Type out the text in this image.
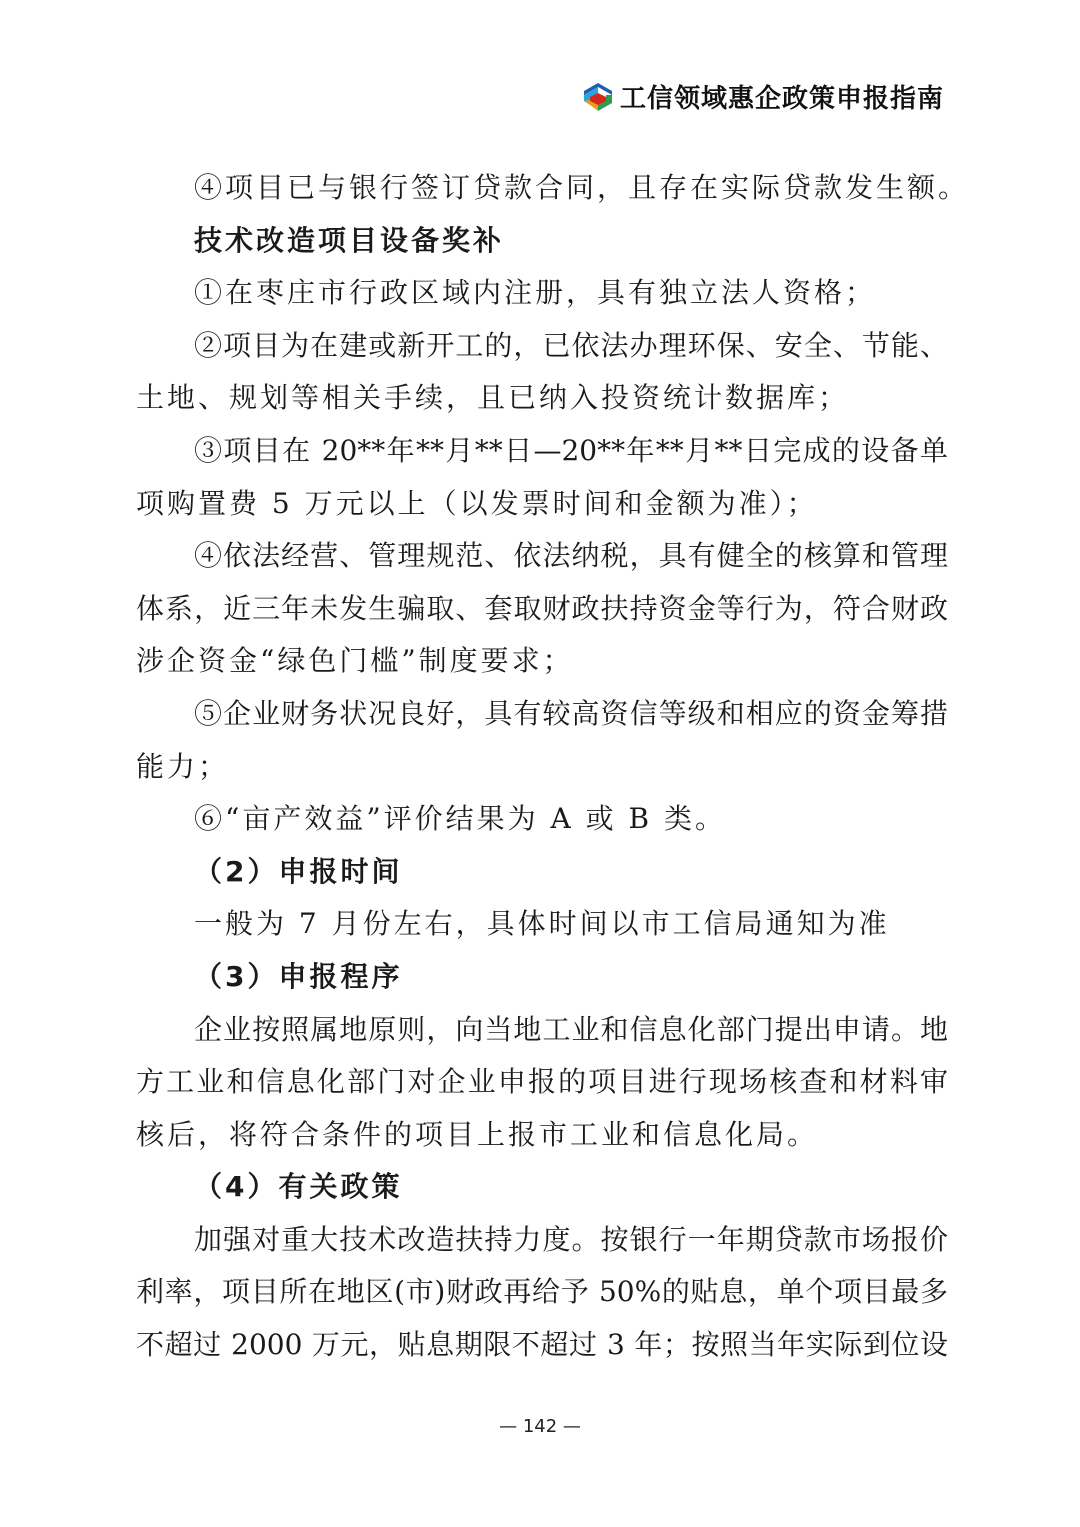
工信领域惠企政策申报指南
④项目已与银行签订贷款合同，且存在实际贷款发生额。
技术改造项目设备奖补
①在枣庄市行政区域内注册，具有独立法人资格；
②项目为在建或新开工的，已依法办理环保、安全、节能、
土地、规划等相关手续，且已纳入投资统计数据库；
③项目在 20**年**月**日—20**年**月**日完成的设备单
项购置费 5 万元以上（以发票时间和金额为准）；
④依法经营、管理规范、依法纳税，具有健全的核算和管理
体系，近三年未发生骗取、套取财政扶持资金等行为，符合财政
涉企资金“绿色门槛”制度要求；
⑤企业财务状况良好，具有较高资信等级和相应的资金筹措
能力；
⑥“亩产效益”评价结果为 A 或 B 类。
（2）申报时间
一般为 7 月份左右，具体时间以市工信局通知为准
（3）申报程序
企业按照属地原则，向当地工业和信息化部门提出申请。地
方工业和信息化部门对企业申报的项目进行现场核查和材料审
核后，将符合条件的项目上报市工业和信息化局。
（4）有关政策
加强对重大技术改造扶持力度。按银行一年期贷款市场报价
利率，项目所在地区(市)财政再给予 50%的贴息，单个项目最多
不超过 2000 万元，贴息期限不超过 3 年；按照当年实际到位设
— 142 —
